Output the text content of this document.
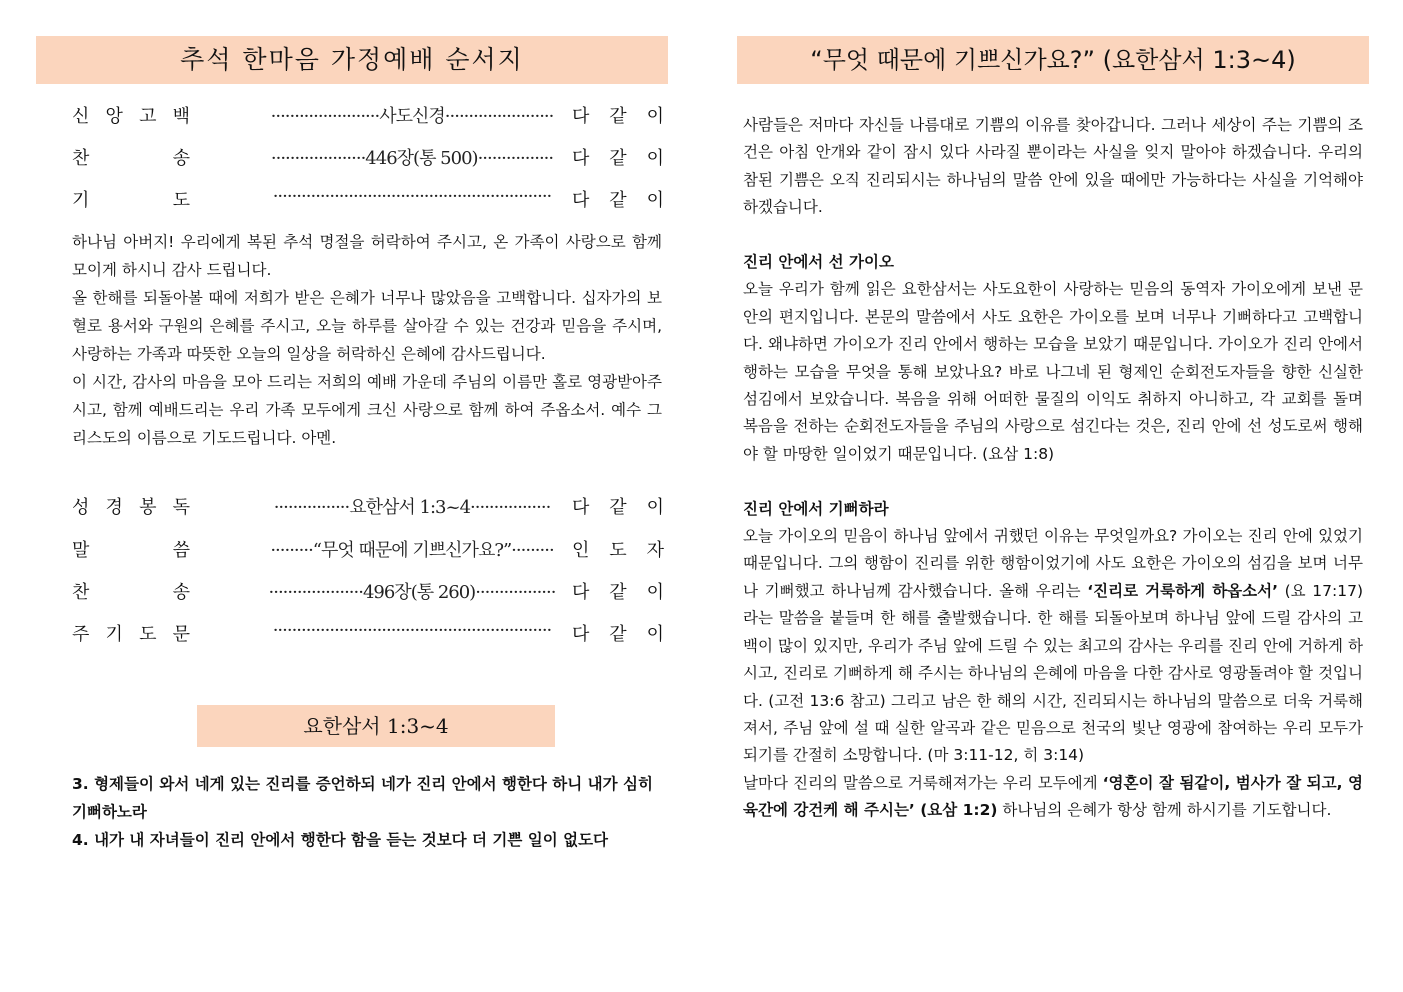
추석 한마음 가정예배 순서지
신 앙 고 백	·······················사도신경·······················	다 같 이
찬	송	····················446장(통 500)················	다 같 이
기	도	···························································	다 같 이

하나님 아버지! 우리에게 복된 추석 명절을 허락하여 주시고, 온 가족이 사랑으로 함께 모이게 하시니 감사 드립니다.

올 한해를 되돌아볼 때에 저희가 받은 은혜가 너무나 많았음을 고백합니다. 십자가의 보혈로 용서와 구원의 은혜를 주시고, 오늘 하루를 살아갈 수 있는 건강과 믿음을 주시며, 사랑하는 가족과 따뜻한 오늘의 일상을 허락하신 은혜에 감사드립니다.

이 시간, 감사의 마음을 모아 드리는 저희의 예배 가운데 주님의 이름만 홀로 영광받아주시고, 함께 예배드리는 우리 가족 모두에게 크신 사랑으로 함께 하여 주옵소서. 예수 그리스도의 이름으로 기도드립니다. 아멘.

성 경 봉 독	················요한삼서 1:3~4·················	다 같 이
말	씀	·········“무엇 때문에 기쁘신가요?”·········	인 도 자
찬	송	····················496장(통 260)················· 다 같 이
주 기 도 문	···························································	다 같 이
요한삼서 1:3~4

3. 형제들이 와서 네게 있는 진리를 증언하되 네가 진리 안에서 행한다 하니 내가 심히 기뻐하노라

4. 내가 내 자녀들이 진리 안에서 행한다 함을 듣는 것보다 더 기쁜 일이 없도다

“무엇 때문에 기쁘신가요?” (요한삼서 1:3~4)

사람들은 저마다 자신들 나름대로 기쁨의 이유를 찾아갑니다. 그러나 세상이 주는 기쁨의 조건은 아침 안개와 같이 잠시 있다 사라질 뿐이라는 사실을 잊지 말아야 하겠습니다. 우리의 참된 기쁨은 오직 진리되시는 하나님의 말씀 안에 있을 때에만 가능하다는 사실을 기억해야 하겠습니다.

진리 안에서 선 가이오

오늘 우리가 함께 읽은 요한삼서는 사도요한이 사랑하는 믿음의 동역자 가이오에게 보낸 문안의 편지입니다. 본문의 말씀에서 사도 요한은 가이오를 보며 너무나 기뻐하다고 고백합니다. 왜냐하면 가이오가 진리 안에서 행하는 모습을 보았기 때문입니다. 가이오가 진리 안에서 행하는 모습을 무엇을 통해 보았나요? 바로 나그네 된 형제인 순회전도자들을 향한 신실한 섬김에서 보았습니다. 복음을 위해 어떠한 물질의 이익도 취하지 아니하고, 각 교회를 돌며 복음을 전하는 순회전도자들을 주님의 사랑으로 섬긴다는 것은, 진리 안에 선 성도로써 행해야 할 마땅한 일이었기 때문입니다. (요삼 1:8)

진리 안에서 기뻐하라

오늘 가이오의 믿음이 하나님 앞에서 귀했던 이유는 무엇일까요? 가이오는 진리 안에 있었기 때문입니다. 그의 행함이 진리를 위한 행함이었기에 사도 요한은 가이오의 섬김을 보며 너무나 기뻐했고 하나님께 감사했습니다. 올해 우리는 ‘진리로 거룩하게 하옵소서’ (요 17:17) 라는 말씀을 붙들며 한 해를 출발했습니다. 한 해를 되돌아보며 하나님 앞에 드릴 감사의 고백이 많이 있지만, 우리가 주님 앞에 드릴 수 있는 최고의 감사는 우리를 진리 안에 거하게 하시고, 진리로 기뻐하게 해 주시는 하나님의 은혜에 마음을 다한 감사로 영광돌려야 할 것입니다. (고전 13:6 참고) 그리고 남은 한 해의 시간, 진리되시는 하나님의 말씀으로 더욱 거룩해져서, 주님 앞에 설 때 실한 알곡과 같은 믿음으로 천국의 빛난 영광에 참여하는 우리 모두가 되기를 간절히 소망합니다. (마 3:11-12, 히 3:14)

날마다 진리의 말씀으로 거룩해져가는 우리 모두에게 ‘영혼이 잘 됨같이, 범사가 잘 되고, 영육간에 강건케 해 주시는’ (요삼 1:2) 하나님의 은혜가 항상 함께 하시기를 기도합니다.
